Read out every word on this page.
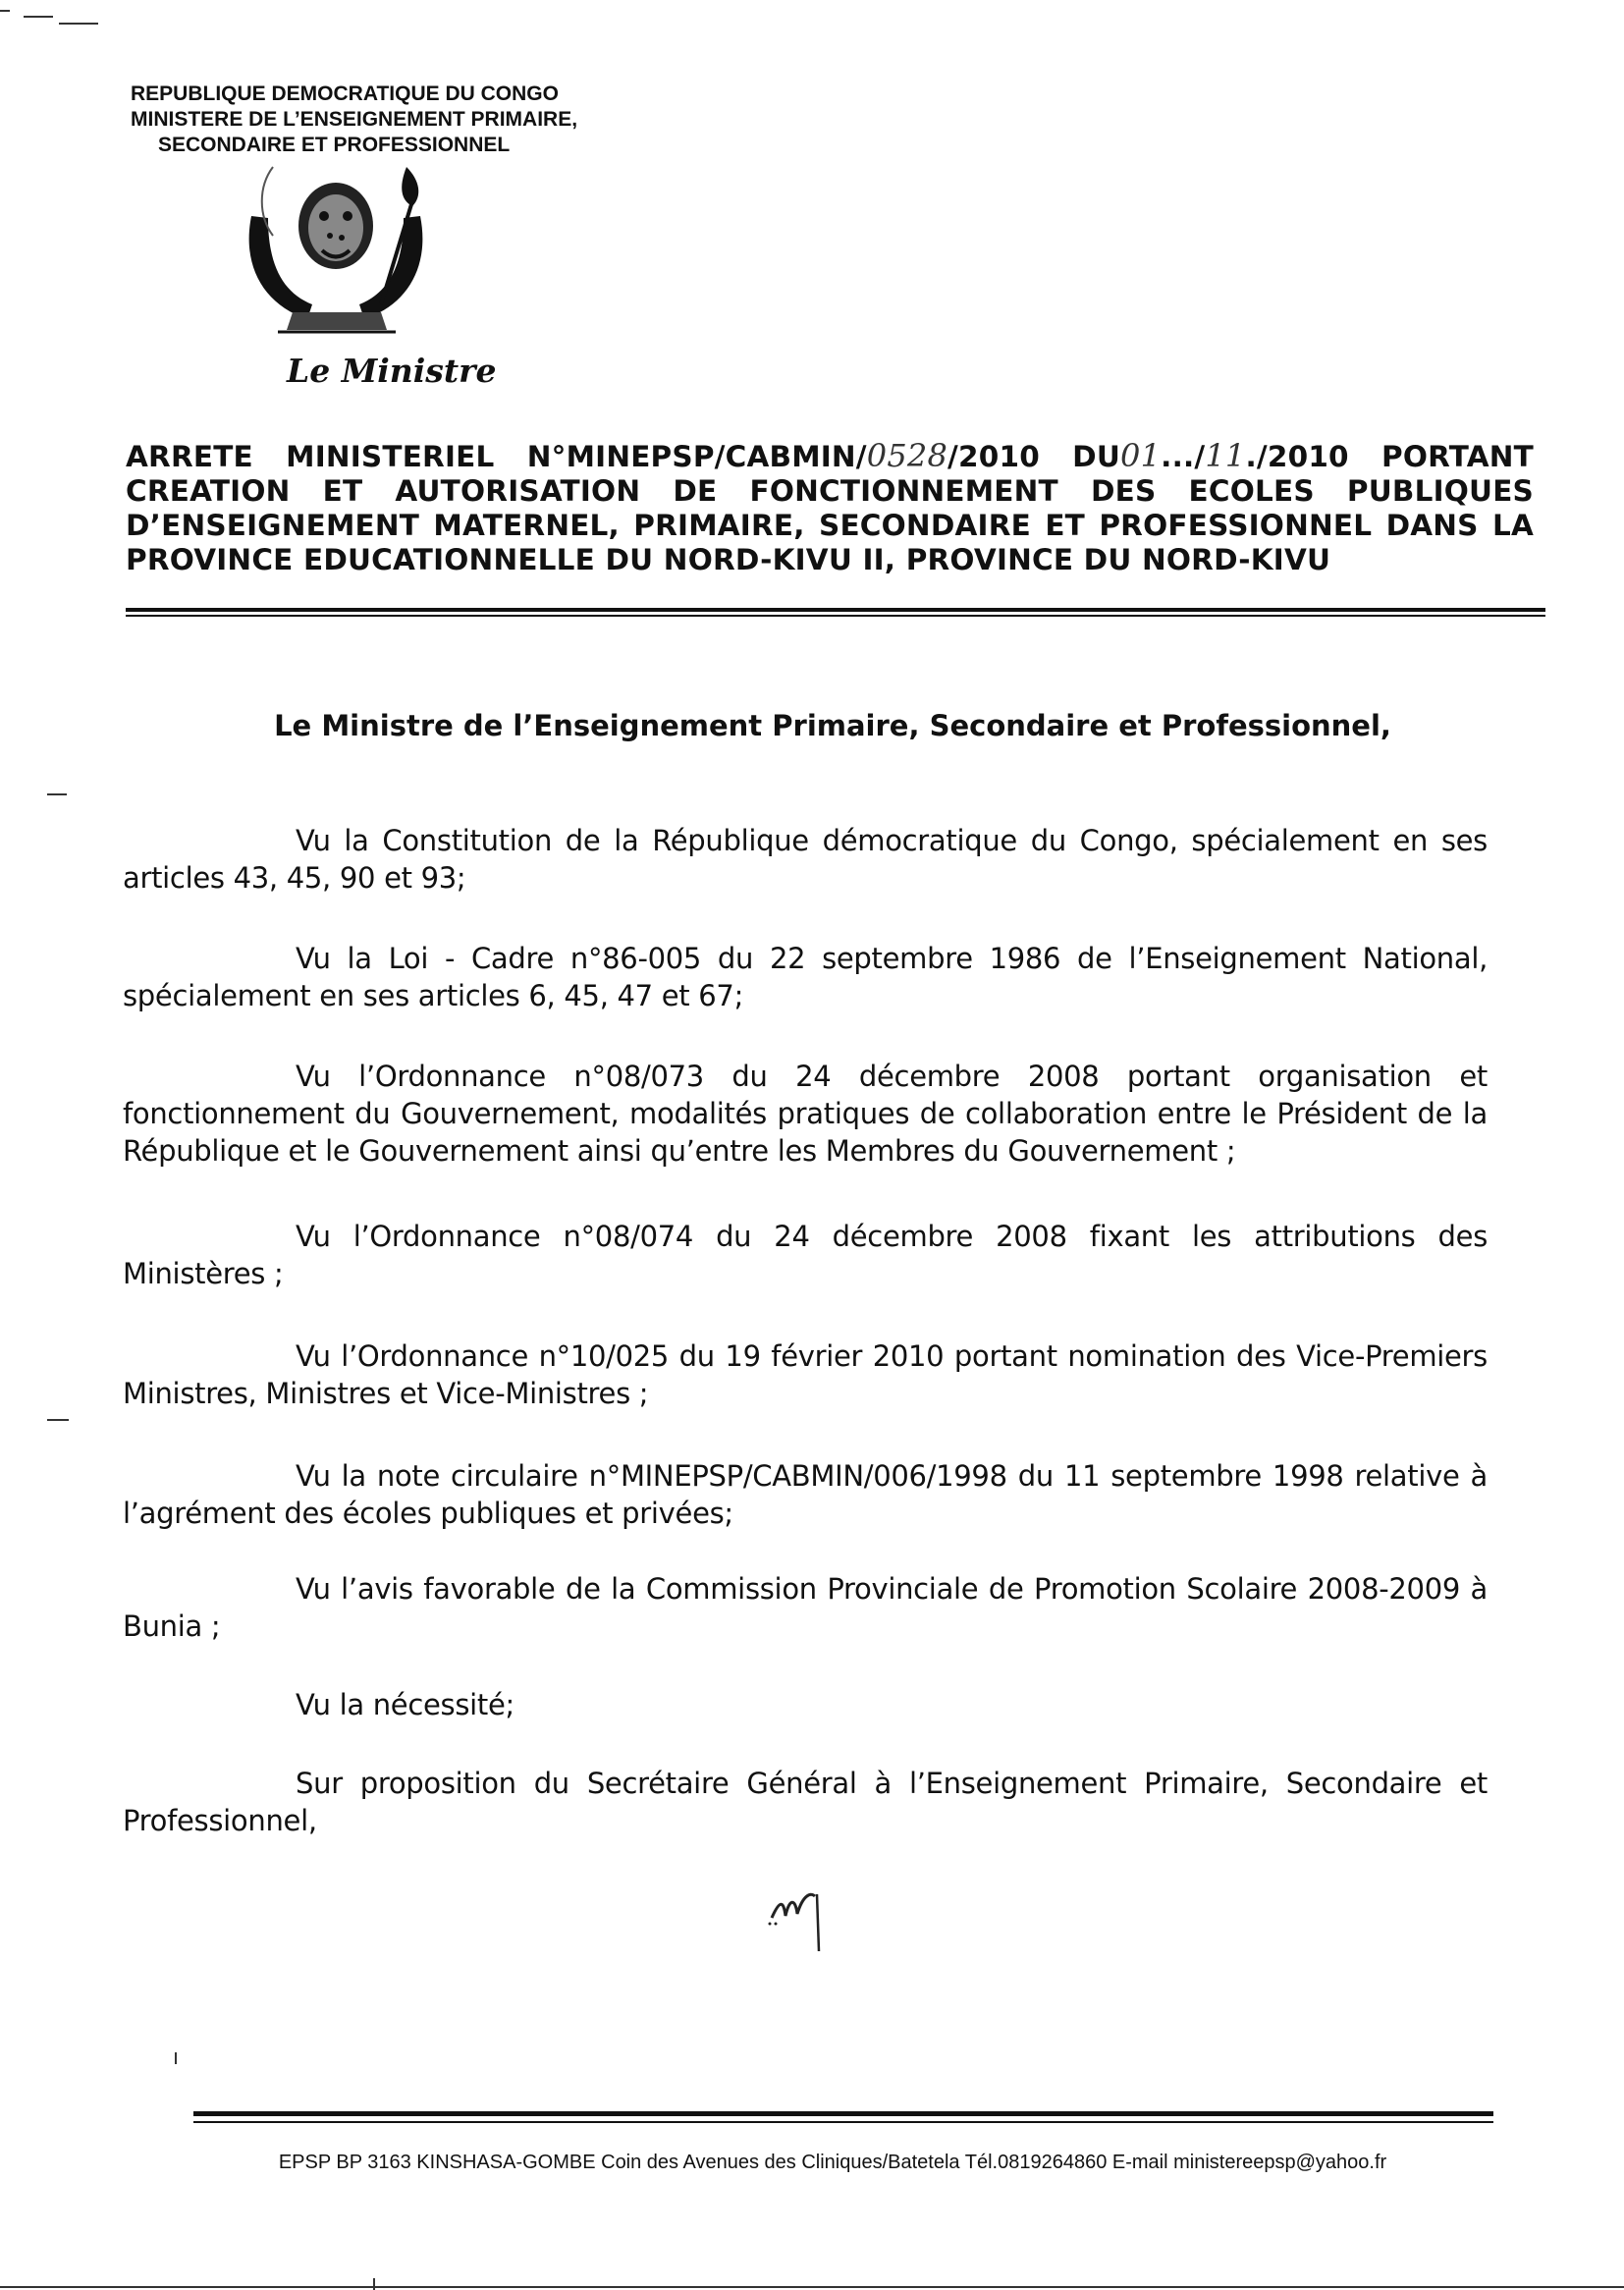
REPUBLIQUE DEMOCRATIQUE DU CONGO
MINISTERE DE L’ENSEIGNEMENT PRIMAIRE,
SECONDAIRE ET PROFESSIONNEL
Le Ministre
ARRETE MINISTERIEL N°MINEPSP/CABMIN/0528/2010 DU01.../11./2010 PORTANT
CREATION ET AUTORISATION DE FONCTIONNEMENT DES ECOLES PUBLIQUES
D’ENSEIGNEMENT MATERNEL, PRIMAIRE, SECONDAIRE ET PROFESSIONNEL DANS LA
PROVINCE EDUCATIONNELLE DU NORD-KIVU II, PROVINCE DU NORD-KIVU
Le Ministre de l’Enseignement Primaire, Secondaire et Professionnel,
Vu la Constitution de la République démocratique du Congo, spécialement en ses articles 43, 45, 90 et 93;
Vu la Loi - Cadre n°86-005 du 22 septembre 1986 de l’Enseignement National, spécialement en ses articles 6, 45, 47 et 67;
Vu l’Ordonnance n°08/073 du 24 décembre 2008 portant organisation et fonctionnement du Gouvernement, modalités pratiques de collaboration entre le Président de la République et le Gouvernement ainsi qu’entre les Membres du Gouvernement ;
Vu l’Ordonnance n°08/074 du 24 décembre 2008 fixant les attributions des Ministères ;
Vu l’Ordonnance n°10/025 du 19 février 2010 portant nomination des Vice-Premiers Ministres, Ministres et Vice-Ministres ;
Vu la note circulaire n°MINEPSP/CABMIN/006/1998 du 11 septembre 1998 relative à l’agrément des écoles publiques et privées;
Vu l’avis favorable de la Commission Provinciale de Promotion Scolaire 2008-2009 à Bunia ;
Vu la nécessité;
Sur proposition du Secrétaire Général à l’Enseignement Primaire, Secondaire et Professionnel,
EPSP BP 3163 KINSHASA-GOMBE Coin des Avenues des Cliniques/Batetela Tél.0819264860 E-mail ministereepsp@yahoo.fr
